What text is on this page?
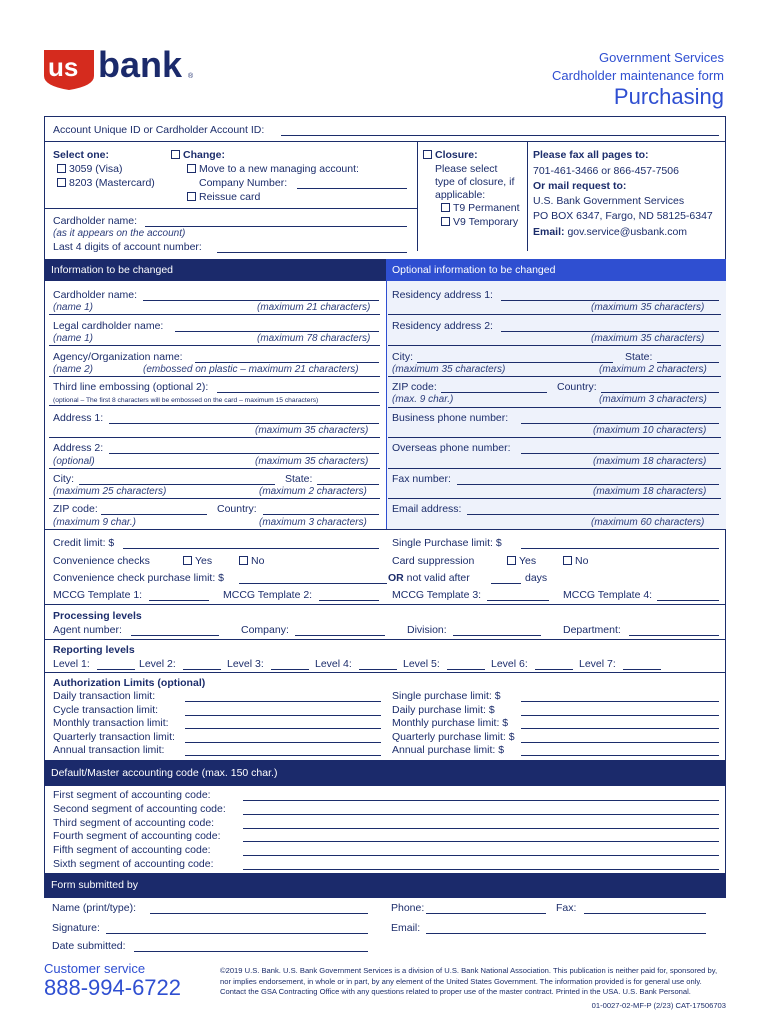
us bank ®
Government Services
Cardholder maintenance form
Purchasing
Account Unique ID or Cardholder Account ID:
Select one:
3059 (Visa)
8203 (Mastercard)
Change:
Move to a new managing account:
Company Number:
Reissue card
Closure:
Please select
type of closure, if
applicable:
T9 Permanent
V9 Temporary
Please fax all pages to:
701-461-3466 or 866-457-7506
Or mail request to:
U.S. Bank Government Services
PO BOX 6347, Fargo, ND 58125-6347
Email: gov.service@usbank.com
Cardholder name:
(as it appears on the account)
Last 4 digits of account number:
Information to be changed	Optional information to be changed
Cardholder name:
(name 1)	(maximum 21 characters)
Legal cardholder name:
(name 1)	(maximum 78 characters)
Agency/Organization name:
(name 2)	(embossed on plastic – maximum 21 characters)
Third line embossing (optional 2):
(optional – The first 8 characters will be embossed on the card – maximum 15 characters)
Address 1:
(maximum 35 characters)
Address 2:
(optional)	(maximum 35 characters)
City:	State:
(maximum 25 characters)	(maximum 2 characters)
ZIP code:	Country:
(maximum 9 char.)	(maximum 3 characters)
Residency address 1:
(maximum 35 characters)
Residency address 2:
(maximum 35 characters)
City:	State:
(maximum 35 characters)	(maximum 2 characters)
ZIP code:	Country:
(max. 9 char.)	(maximum 3 characters)
Business phone number:
(maximum 10 characters)
Overseas phone number:
(maximum 18 characters)
Fax number:
(maximum 18 characters)
Email address:
(maximum 60 characters)
Credit limit: $	Single Purchase limit: $
Convenience checks	Yes	No	Card suppression	Yes	No
Convenience check purchase limit: $	OR not valid after	days
MCCG Template 1:	MCCG Template 2:	MCCG Template 3:	MCCG Template 4:
Processing levels
Agent number:	Company:	Division:	Department:
Reporting levels
Level 1:	Level 2:	Level 3:	Level 4:	Level 5:	Level 6:	Level 7:
Authorization Limits (optional)
Daily transaction limit:	Single purchase limit: $
Cycle transaction limit:	Daily purchase limit: $
Monthly transaction limit:	Monthly purchase limit: $
Quarterly transaction limit:	Quarterly purchase limit: $
Annual transaction limit:	Annual purchase limit: $
Default/Master accounting code (max. 150 char.)
First segment of accounting code:
Second segment of accounting code:
Third segment of accounting code:
Fourth segment of accounting code:
Fifth segment of accounting code:
Sixth segment of accounting code:
Form submitted by
Name (print/type):	Phone:	Fax:
Signature:	Email:
Date submitted:
Customer service
888-994-6722
©2019 U.S. Bank. U.S. Bank Government Services is a division of U.S. Bank National Association. This publication is neither paid for, sponsored by, nor implies endorsement, in whole or in part, by any element of the United States Government. The information provided is for general use only. Contact the GSA Contracting Office with any questions related to proper use of the master contract. Printed in the USA. U.S. Bank Personal.
01-0027-02-MF-P (2/23) CAT-17506703
